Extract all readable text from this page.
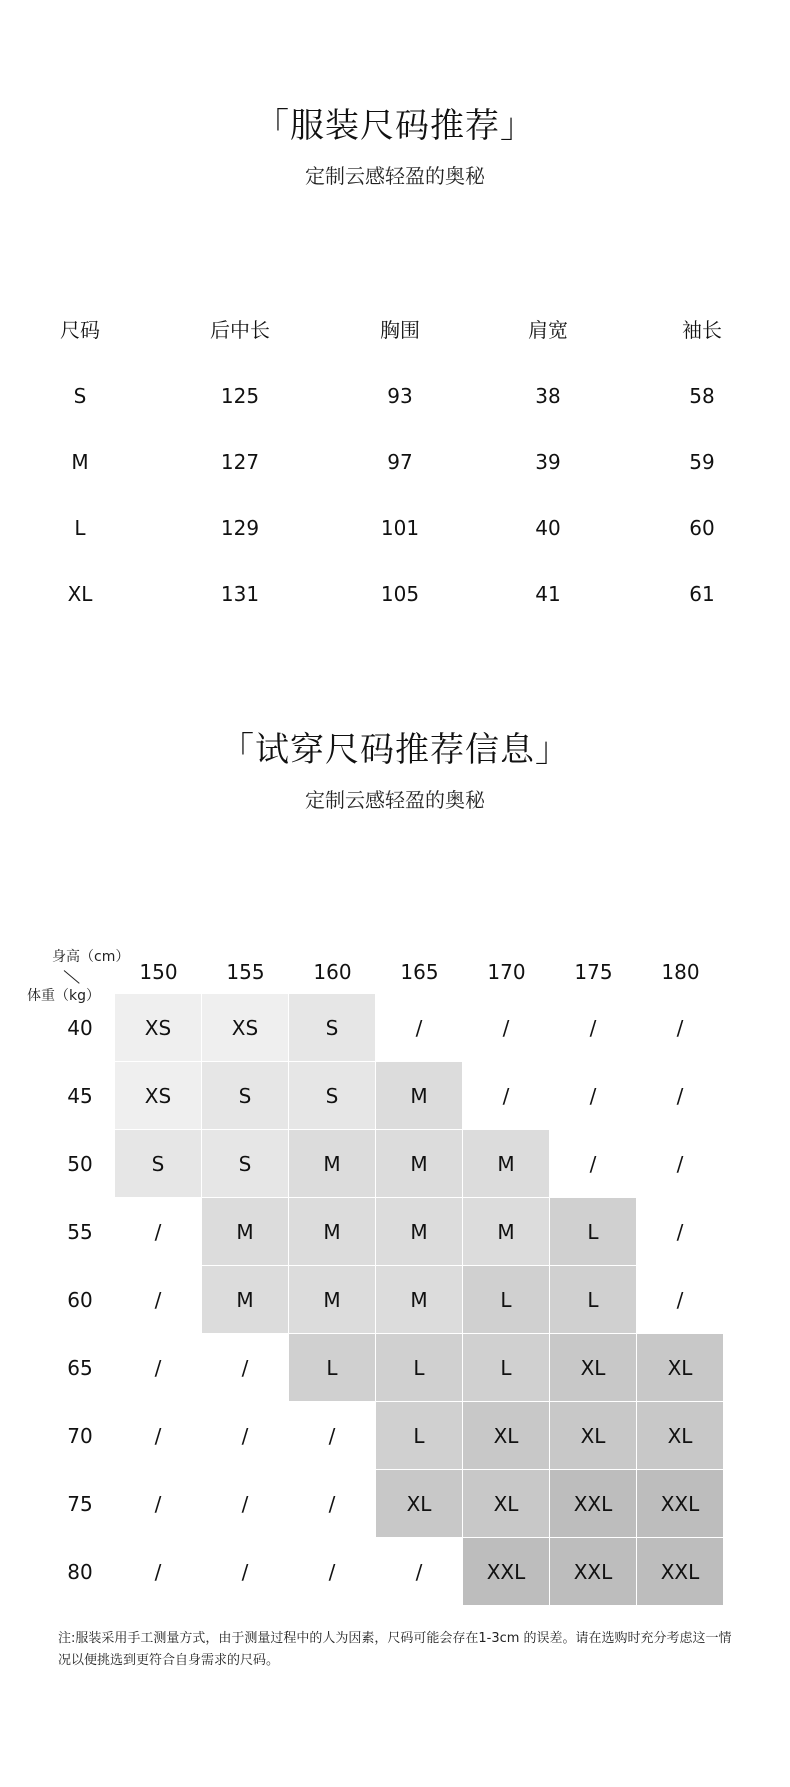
「服装尺码推荐」
定制云感轻盈的奥秘
尺码	后中长	胸围	肩宽	袖长
S	125	93	38	58
M	127	97	39	59
L	129	101	40	60
XL	131	105	41	61
「试穿尺码推荐信息」
定制云感轻盈的奥秘
身高（cm）
体重（kg）
150	155	160	165	170	175	180
40	XS	XS	S	/	/	/	/
45	XS	S	S	M	/	/	/
50	S	S	M	M	M	/	/
55	/	M	M	M	M	L	/
60	/	M	M	M	L	L	/
65	/	/	L	L	L	XL	XL
70	/	/	/	L	XL	XL	XL
75	/	/	/	XL	XL	XXL	XXL
80	/	/	/	/	XXL	XXL	XXL
注:服装采用手工测量方式，由于测量过程中的人为因素，尺码可能会存在1-3cm 的误差。请在选购时充分考虑这一情况以便挑选到更符合自身需求的尺码。
